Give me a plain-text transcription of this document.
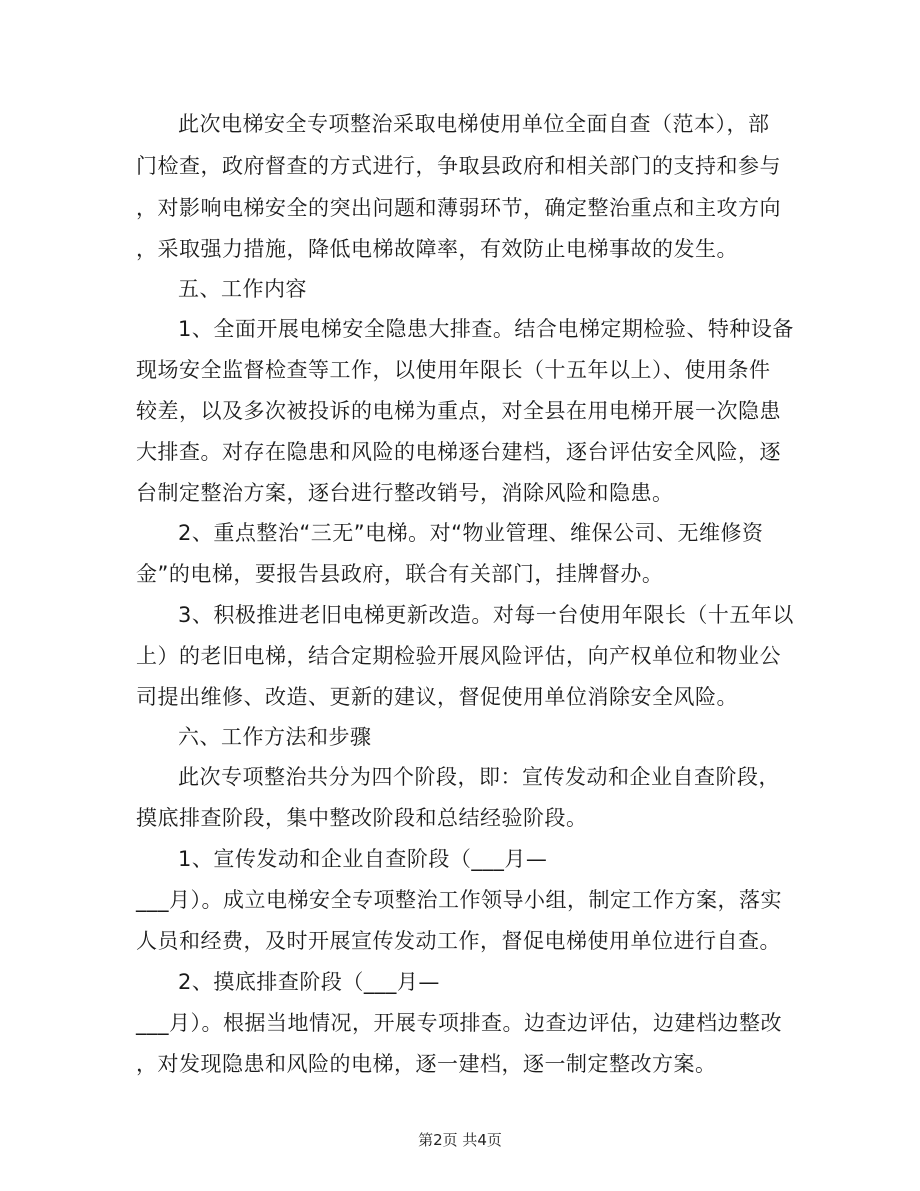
此次电梯安全专项整治采取电梯使用单位全面自查（范本），部
门检查，政府督查的方式进行，争取县政府和相关部门的支持和参与
，对影响电梯安全的突出问题和薄弱环节，确定整治重点和主攻方向
，采取强力措施，降低电梯故障率，有效防止电梯事故的发生。
五、工作内容
1、全面开展电梯安全隐患大排查。结合电梯定期检验、特种设备
现场安全监督检查等工作，以使用年限长（十五年以上）、使用条件
较差，以及多次被投诉的电梯为重点，对全县在用电梯开展一次隐患
大排查。对存在隐患和风险的电梯逐台建档，逐台评估安全风险，逐
台制定整治方案，逐台进行整改销号，消除风险和隐患。
2、重点整治“三无”电梯。对“物业管理、维保公司、无维修资
金”的电梯，要报告县政府，联合有关部门，挂牌督办。
3、积极推进老旧电梯更新改造。对每一台使用年限长（十五年以
上）的老旧电梯，结合定期检验开展风险评估，向产权单位和物业公
司提出维修、改造、更新的建议，督促使用单位消除安全风险。
六、工作方法和步骤
此次专项整治共分为四个阶段，即：宣传发动和企业自查阶段，
摸底排查阶段，集中整改阶段和总结经验阶段。
1、宣传发动和企业自查阶段（___月—
___月）。成立电梯安全专项整治工作领导小组，制定工作方案，落实
人员和经费，及时开展宣传发动工作，督促电梯使用单位进行自查。
2、摸底排查阶段（___月—
___月）。根据当地情况，开展专项排查。边查边评估，边建档边整改
，对发现隐患和风险的电梯，逐一建档，逐一制定整改方案。
第2页 共4页
